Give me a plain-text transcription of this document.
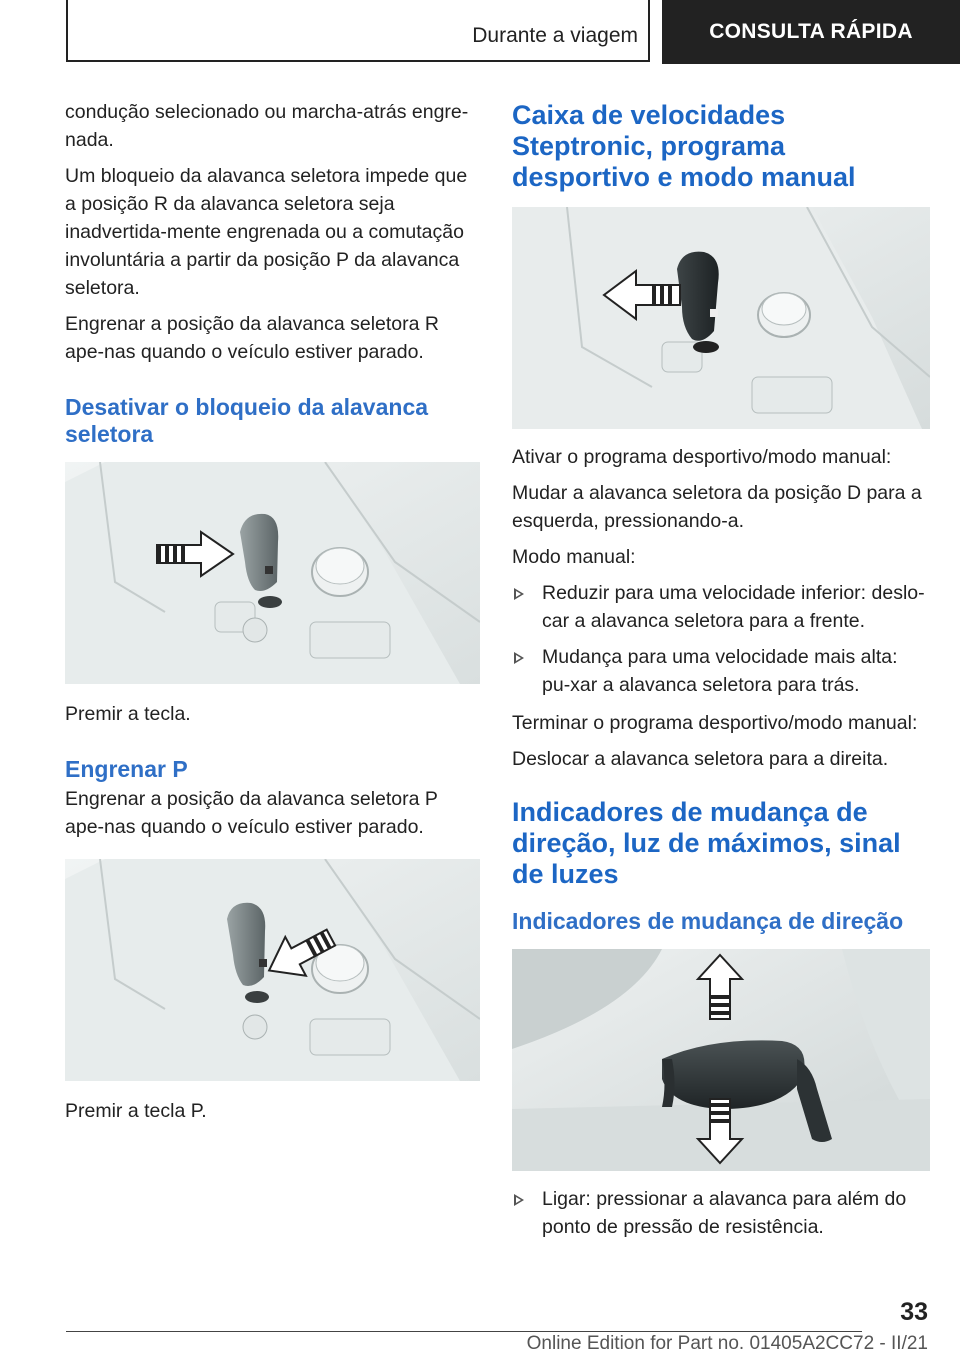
Durante a viagem	CONSULTA RÁPIDA

condução selecionado ou marcha-atrás engre-nada.

Um bloqueio da alavanca seletora impede que a posição R da alavanca seletora seja inadvertida-mente engrenada ou a comutação involuntária a partir da posição P da alavanca seletora.

Engrenar a posição da alavanca seletora R ape-nas quando o veículo estiver parado.

Desativar o bloqueio da alavanca seletora

Premir a tecla.

Engrenar P

Engrenar a posição da alavanca seletora P ape-nas quando o veículo estiver parado.

Premir a tecla P.

Caixa de velocidades Steptronic, programa desportivo e modo manual

Ativar o programa desportivo/modo manual:

Mudar a alavanca seletora da posição D para a esquerda, pressionando-a.

Modo manual:

Reduzir para uma velocidade inferior: deslo-car a alavanca seletora para a frente.
Mudança para uma velocidade mais alta: pu-xar a alavanca seletora para trás.

Terminar o programa desportivo/modo manual:

Deslocar a alavanca seletora para a direita.

Indicadores de mudança de direção, luz de máximos, sinal de luzes
Indicadores de mudança de direção
Ligar: pressionar a alavanca para além do ponto de pressão de resistência.
33
Online Edition for Part no. 01405A2CC72 - II/21
